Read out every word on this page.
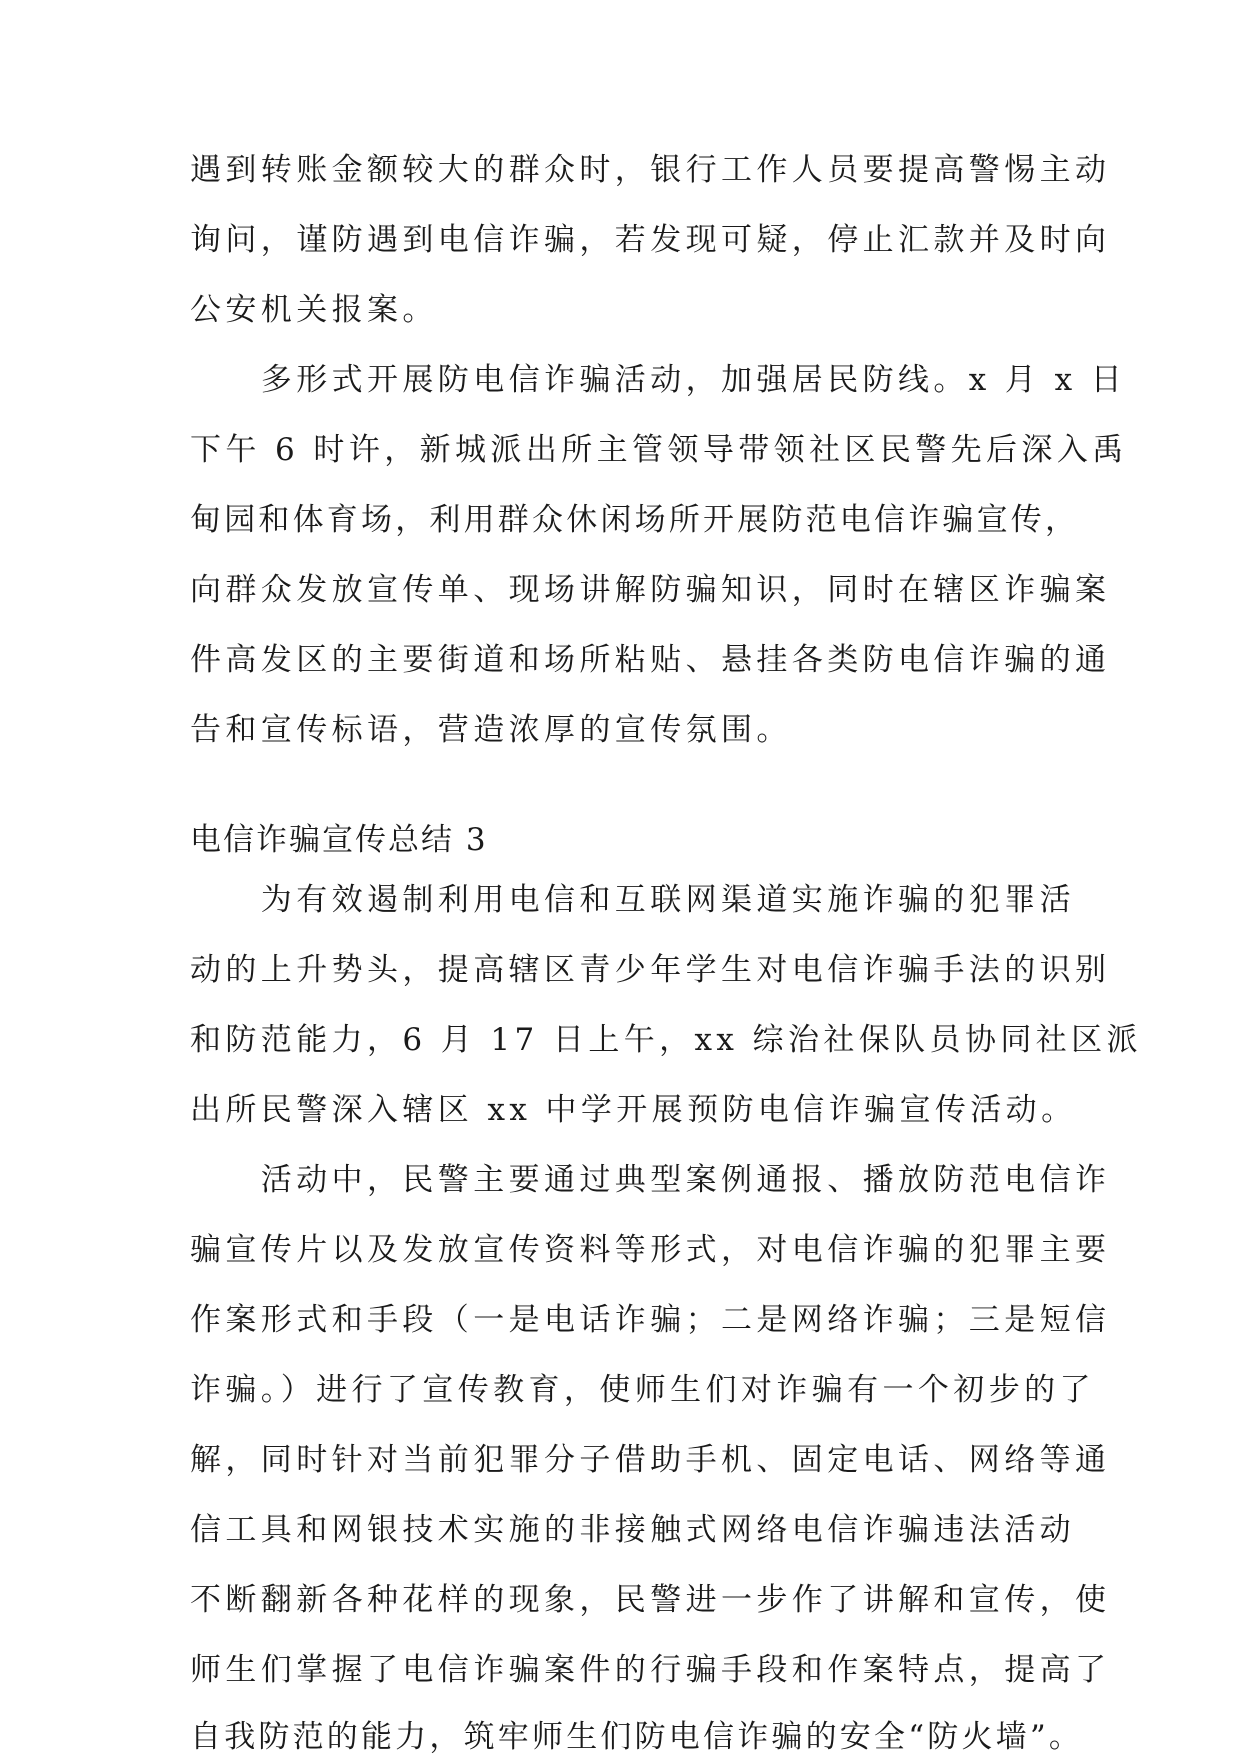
遇到转账金额较大的群众时，银行工作人员要提高警惕主动
询问，谨防遇到电信诈骗，若发现可疑，停止汇款并及时向
公安机关报案。
　　多形式开展防电信诈骗活动，加强居民防线。x 月 x 日
下午 6 时许，新城派出所主管领导带领社区民警先后深入禹
甸园和体育场，利用群众休闲场所开展防范电信诈骗宣传，
向群众发放宣传单、现场讲解防骗知识，同时在辖区诈骗案
件高发区的主要街道和场所粘贴、悬挂各类防电信诈骗的通
告和宣传标语，营造浓厚的宣传氛围。
电信诈骗宣传总结 3
　　为有效遏制利用电信和互联网渠道实施诈骗的犯罪活
动的上升势头，提高辖区青少年学生对电信诈骗手法的识别
和防范能力，6 月 17 日上午，xx 综治社保队员协同社区派
出所民警深入辖区 xx 中学开展预防电信诈骗宣传活动。
　　活动中，民警主要通过典型案例通报、播放防范电信诈
骗宣传片以及发放宣传资料等形式，对电信诈骗的犯罪主要
作案形式和手段（一是电话诈骗；二是网络诈骗；三是短信
诈骗。）进行了宣传教育，使师生们对诈骗有一个初步的了
解，同时针对当前犯罪分子借助手机、固定电话、网络等通
信工具和网银技术实施的非接触式网络电信诈骗违法活动
不断翻新各种花样的现象，民警进一步作了讲解和宣传，使
师生们掌握了电信诈骗案件的行骗手段和作案特点，提高了
自我防范的能力，筑牢师生们防电信诈骗的安全“防火墙”。
